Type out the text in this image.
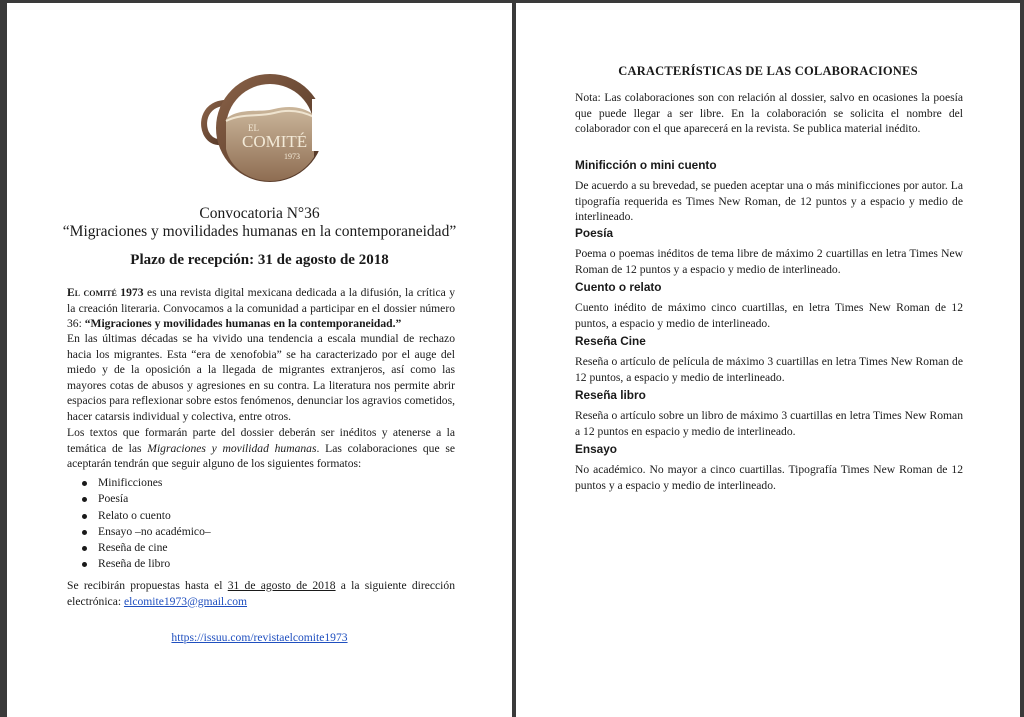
EL
COMITÉ
1973
Convocatoria N°36
“Migraciones y movilidades humanas en la contemporaneidad”
Plazo de recepción: 31 de agosto de 2018

El comité 1973 es una revista digital mexicana dedicada a la difusión, la crítica y la creación literaria. Convocamos a la comunidad a participar en el dossier número 36: “Migraciones y movilidades humanas en la contemporaneidad.”

En las últimas décadas se ha vivido una tendencia a escala mundial de rechazo hacia los migrantes. Esta “era de xenofobia” se ha caracterizado por el auge del miedo y de la oposición a la llegada de migrantes extranjeros, así como las mayores cotas de abusos y agresiones en su contra. La literatura nos permite abrir espacios para reflexionar sobre estos fenómenos, denunciar los agravios cometidos, hacer catarsis individual y colectiva, entre otros.

Los textos que formarán parte del dossier deberán ser inéditos y atenerse a la temática de las Migraciones y movilidad humanas. Las colaboraciones que se aceptarán tendrán que seguir alguno de los siguientes formatos:

Minificciones
Poesía
Relato o cuento
Ensayo –no académico–
Reseña de cine
Reseña de libro

Se recibirán propuestas hasta el 31 de agosto de 2018 a la siguiente dirección electrónica: elcomite1973@gmail.com

https://issuu.com/revistaelcomite1973
CARACTERÍSTICAS DE LAS COLABORACIONES

Nota: Las colaboraciones son con relación al dossier, salvo en ocasiones la poesía que puede llegar a ser libre. En la colaboración se solicita el nombre del colaborador con el que aparecerá en la revista. Se publica material inédito.

Minificción o mini cuento

De acuerdo a su brevedad, se pueden aceptar una o más minificciones por autor. La tipografía requerida es Times New Roman, de 12 puntos y a espacio y medio de interlineado.

Poesía

Poema o poemas inéditos de tema libre de máximo 2 cuartillas en letra Times New Roman de 12 puntos y a espacio y medio de interlineado.

Cuento o relato

Cuento inédito de máximo cinco cuartillas, en letra Times New Roman de 12 puntos, a espacio y medio de interlineado.

Reseña Cine

Reseña o artículo de película de máximo 3 cuartillas en letra Times New Roman de 12 puntos, a espacio y medio de interlineado.

Reseña libro

Reseña o artículo sobre un libro de máximo 3 cuartillas en letra Times New Roman a 12 puntos en espacio y medio de interlineado.

Ensayo

No académico. No mayor a cinco cuartillas. Tipografía Times New Roman de 12 puntos y a espacio y medio de interlineado.
